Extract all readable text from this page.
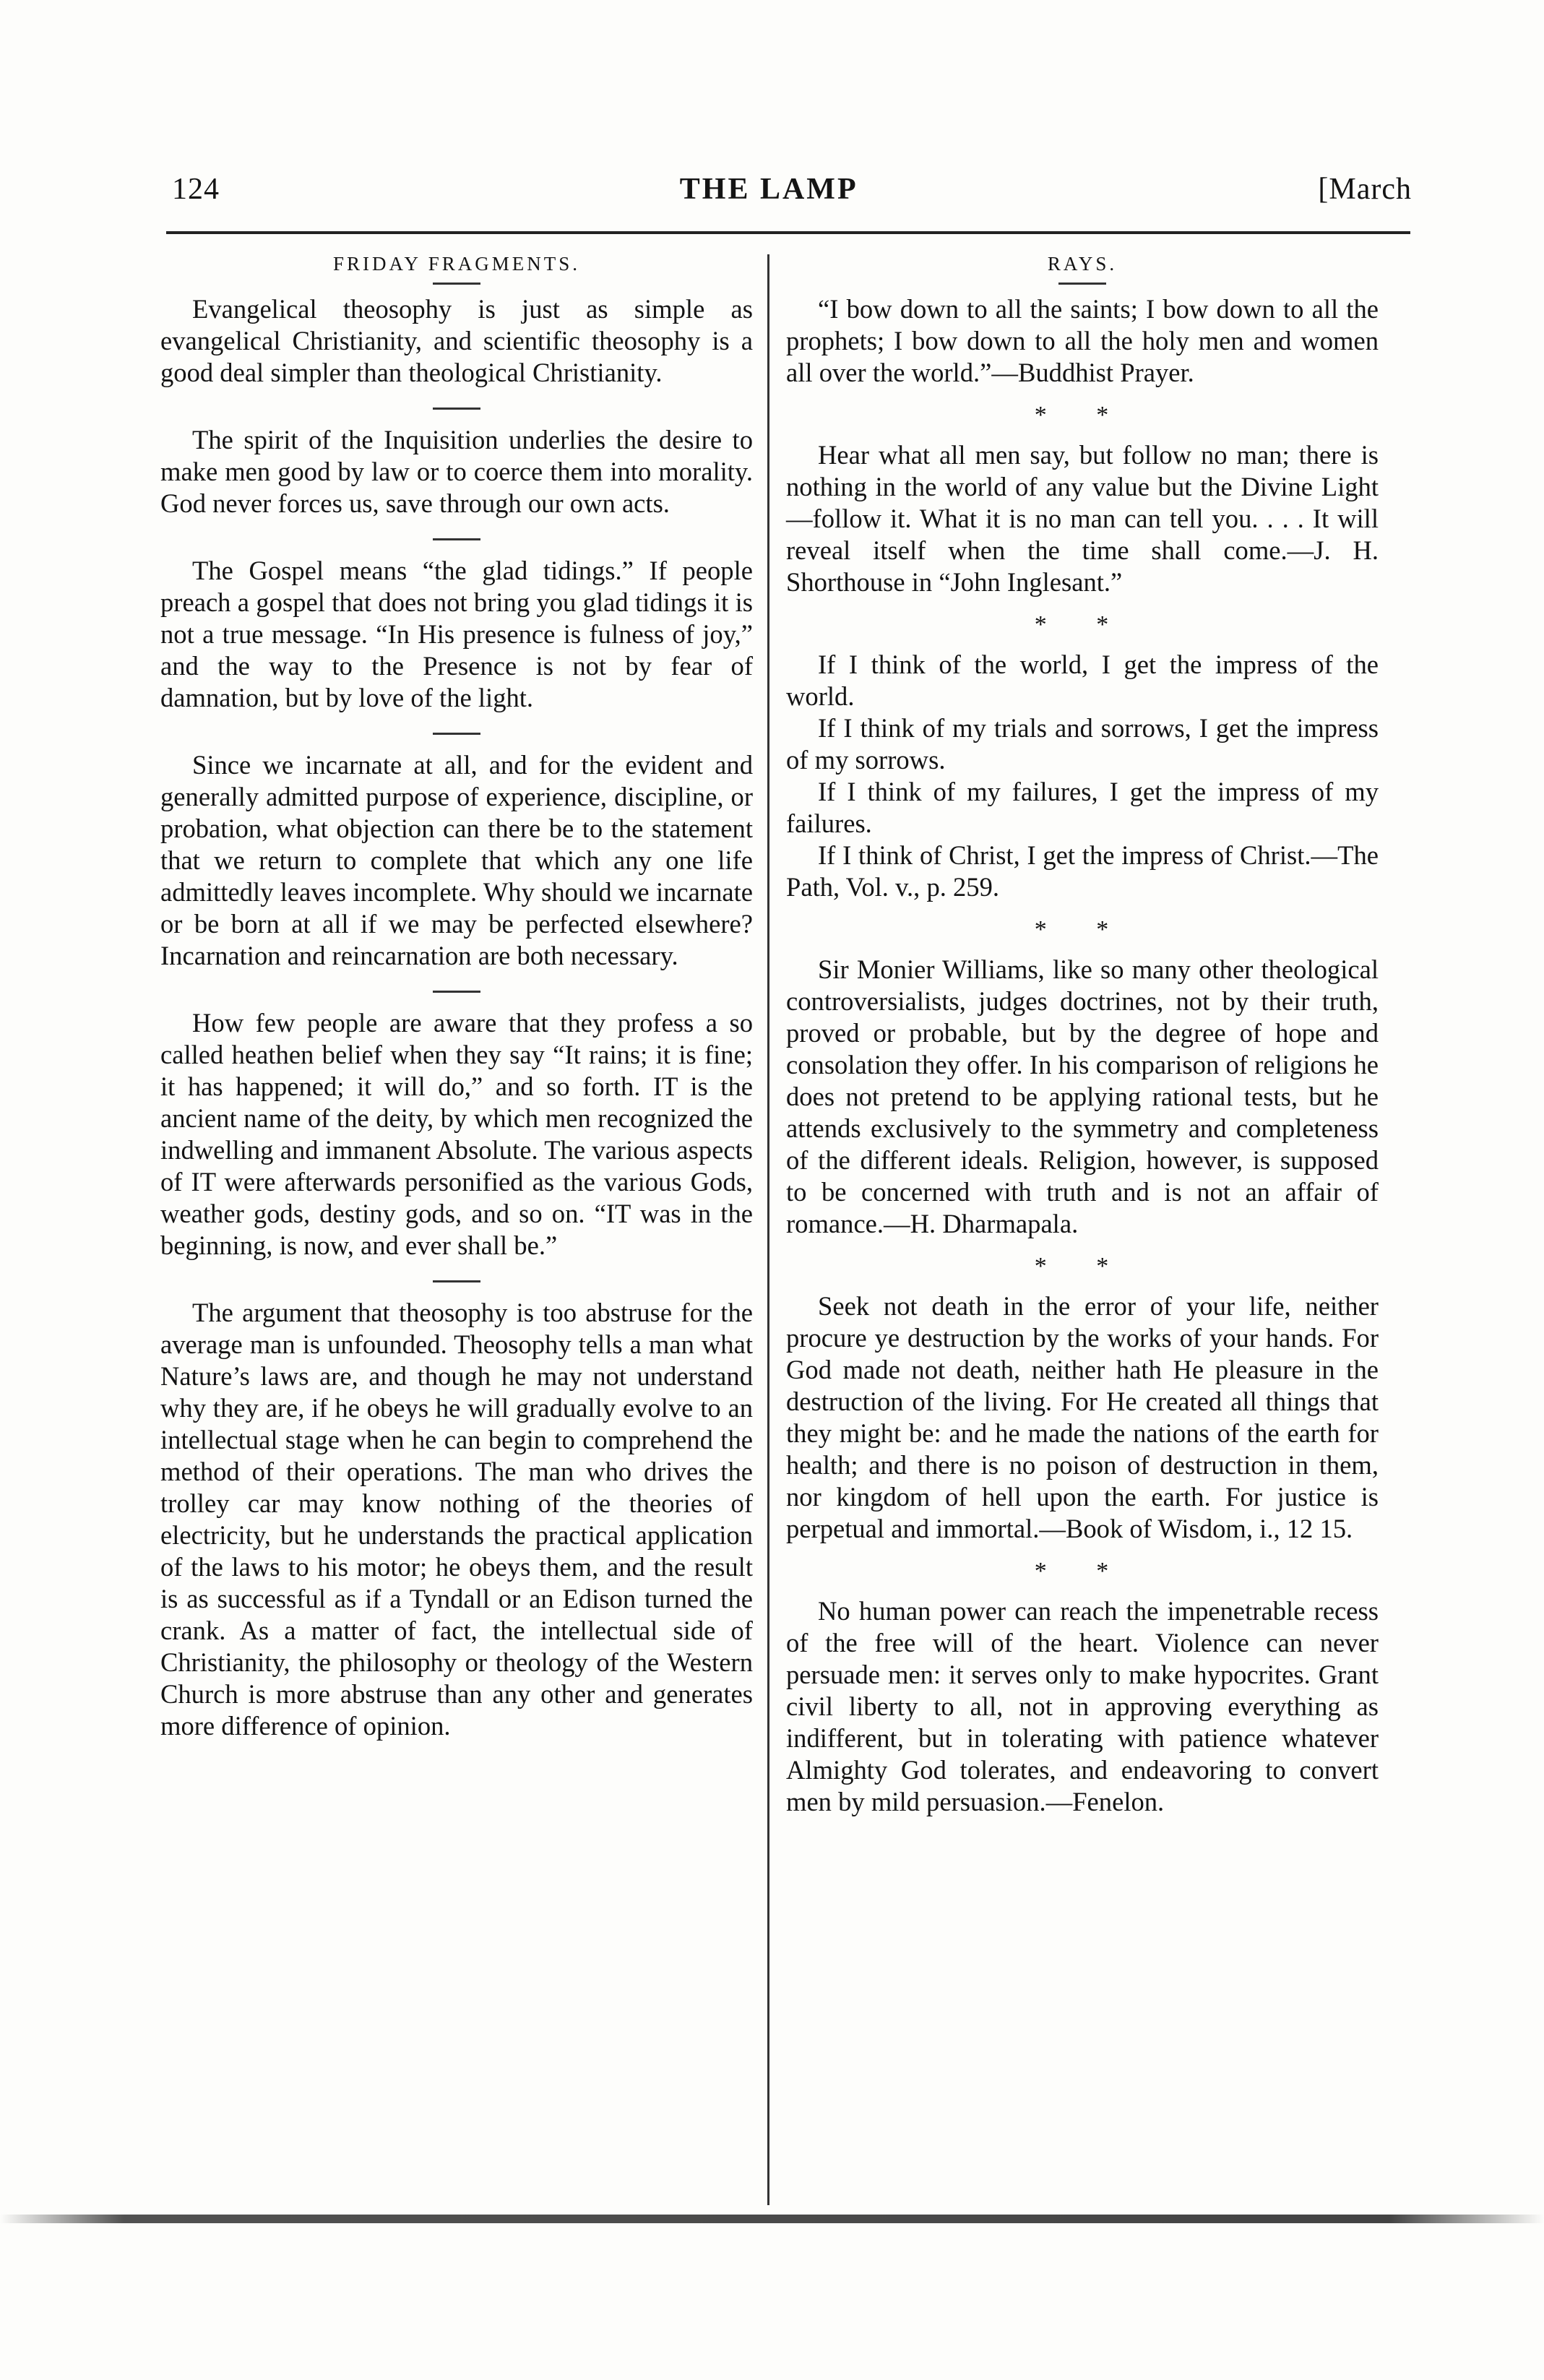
124	THE LAMP	[March
FRIDAY FRAGMENTS.

Evangelical theosophy is just as simple as evangelical Christianity, and scientific theosophy is a good deal simpler than theological Christianity.

The spirit of the Inquisition underlies the desire to make men good by law or to coerce them into morality. God never forces us, save through our own acts.

The Gospel means “the glad tidings.” If people preach a gospel that does not bring you glad tidings it is not a true message. “In His presence is fulness of joy,” and the way to the Presence is not by fear of damnation, but by love of the light.

Since we incarnate at all, and for the evident and generally admitted purpose of experience, discipline, or probation, what objection can there be to the statement that we return to complete that which any one life admittedly leaves incomplete. Why should we incarnate or be born at all if we may be perfected elsewhere? Incarnation and reincarnation are both necessary.

How few people are aware that they profess a so called heathen belief when they say “It rains; it is fine; it has happened; it will do,” and so forth. IT is the ancient name of the deity, by which men recognized the indwelling and immanent Absolute. The various aspects of IT were afterwards personified as the various Gods, weather gods, destiny gods, and so on. “IT was in the beginning, is now, and ever shall be.”

The argument that theosophy is too abstruse for the average man is unfounded. Theosophy tells a man what Nature’s laws are, and though he may not understand why they are, if he obeys he will gradually evolve to an intellectual stage when he can begin to comprehend the method of their operations. The man who drives the trolley car may know nothing of the theories of electricity, but he understands the practical application of the laws to his motor; he obeys them, and the result is as successful as if a Tyndall or an Edison turned the crank. As a matter of fact, the intellectual side of Christianity, the philosophy or theology of the Western Church is more abstruse than any other and generates more difference of opinion.

RAYS.

“I bow down to all the saints; I bow down to all the prophets; I bow down to all the holy men and women all over the world.”—Buddhist Prayer.

* *

Hear what all men say, but follow no man; there is nothing in the world of any value but the Divine Light—follow it. What it is no man can tell you. . . . It will reveal itself when the time shall come.—J. H. Shorthouse in “John Inglesant.”

* *

If I think of the world, I get the impress of the world.

If I think of my trials and sorrows, I get the impress of my sorrows.

If I think of my failures, I get the impress of my failures.

If I think of Christ, I get the impress of Christ.—The Path, Vol. v., p. 259.

* *

Sir Monier Williams, like so many other theological controversialists, judges doctrines, not by their truth, proved or probable, but by the degree of hope and consolation they offer. In his comparison of religions he does not pretend to be applying rational tests, but he attends exclusively to the symmetry and completeness of the different ideals. Religion, however, is supposed to be concerned with truth and is not an affair of romance.—H. Dharmapala.

* *

Seek not death in the error of your life, neither procure ye destruction by the works of your hands. For God made not death, neither hath He pleasure in the destruction of the living. For He created all things that they might be: and he made the nations of the earth for health; and there is no poison of destruction in them, nor kingdom of hell upon the earth. For justice is perpetual and immortal.—Book of Wisdom, i., 12 15.

* *

No human power can reach the impenetrable recess of the free will of the heart. Violence can never persuade men: it serves only to make hypocrites. Grant civil liberty to all, not in approving everything as indifferent, but in tolerating with patience whatever Almighty God tolerates, and endeavoring to convert men by mild persuasion.—Fenelon.
